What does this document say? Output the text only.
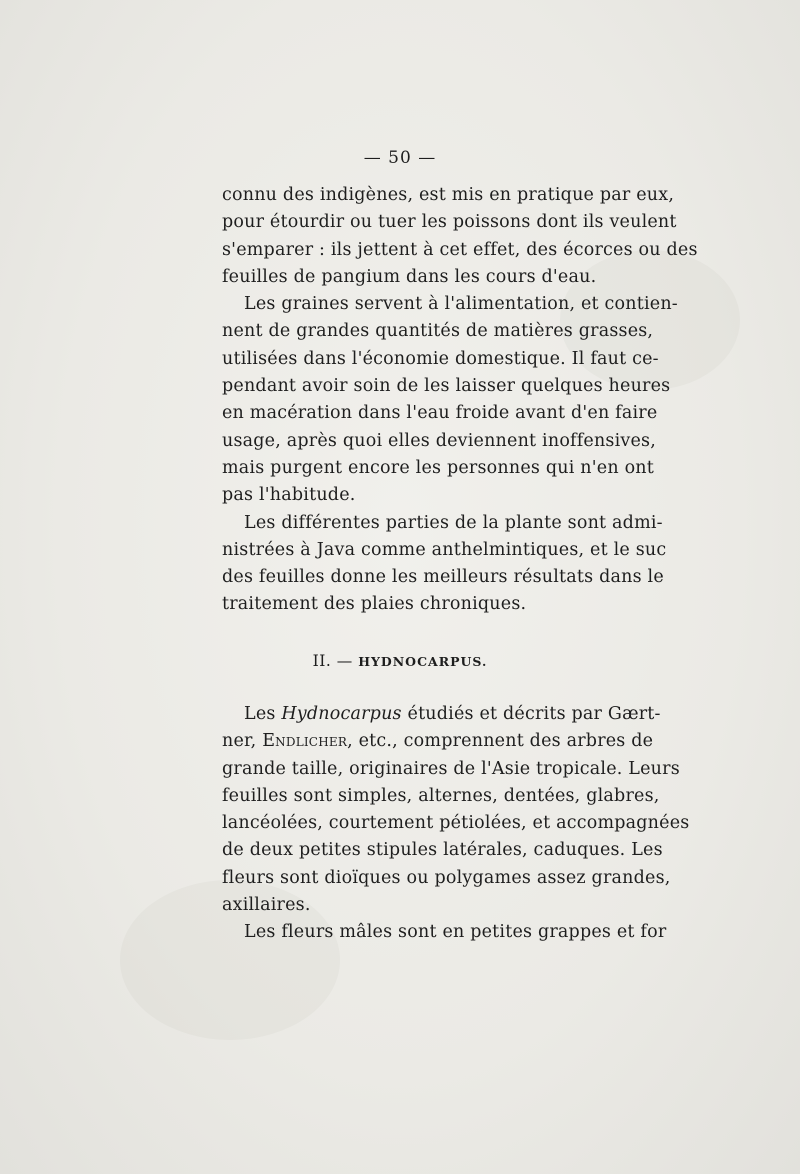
— 50 —
connu des indigènes, est mis en pratique par eux,
pour étourdir ou tuer les poissons dont ils veulent
s'emparer : ils jettent à cet effet, des écorces ou des
feuilles de pangium dans les cours d'eau.
Les graines servent à l'alimentation, et contien-
nent de grandes quantités de matières grasses,
utilisées dans l'économie domestique. Il faut ce-
pendant avoir soin de les laisser quelques heures
en macération dans l'eau froide avant d'en faire
usage, après quoi elles deviennent inoffensives,
mais purgent encore les personnes qui n'en ont
pas l'habitude.
Les différentes parties de la plante sont admi-
nistrées à Java comme anthelmintiques, et le suc
des feuilles donne les meilleurs résultats dans le
traitement des plaies chroniques.
II. — HYDNOCARPUS.
Les Hydnocarpus étudiés et décrits par Gært-
ner, Endlicher, etc., comprennent des arbres de
grande taille, originaires de l'Asie tropicale. Leurs
feuilles sont simples, alternes, dentées, glabres,
lancéolées, courtement pétiolées, et accompagnées
de deux petites stipules latérales, caduques. Les
fleurs sont dioïques ou polygames assez grandes,
axillaires.
Les fleurs mâles sont en petites grappes et for
